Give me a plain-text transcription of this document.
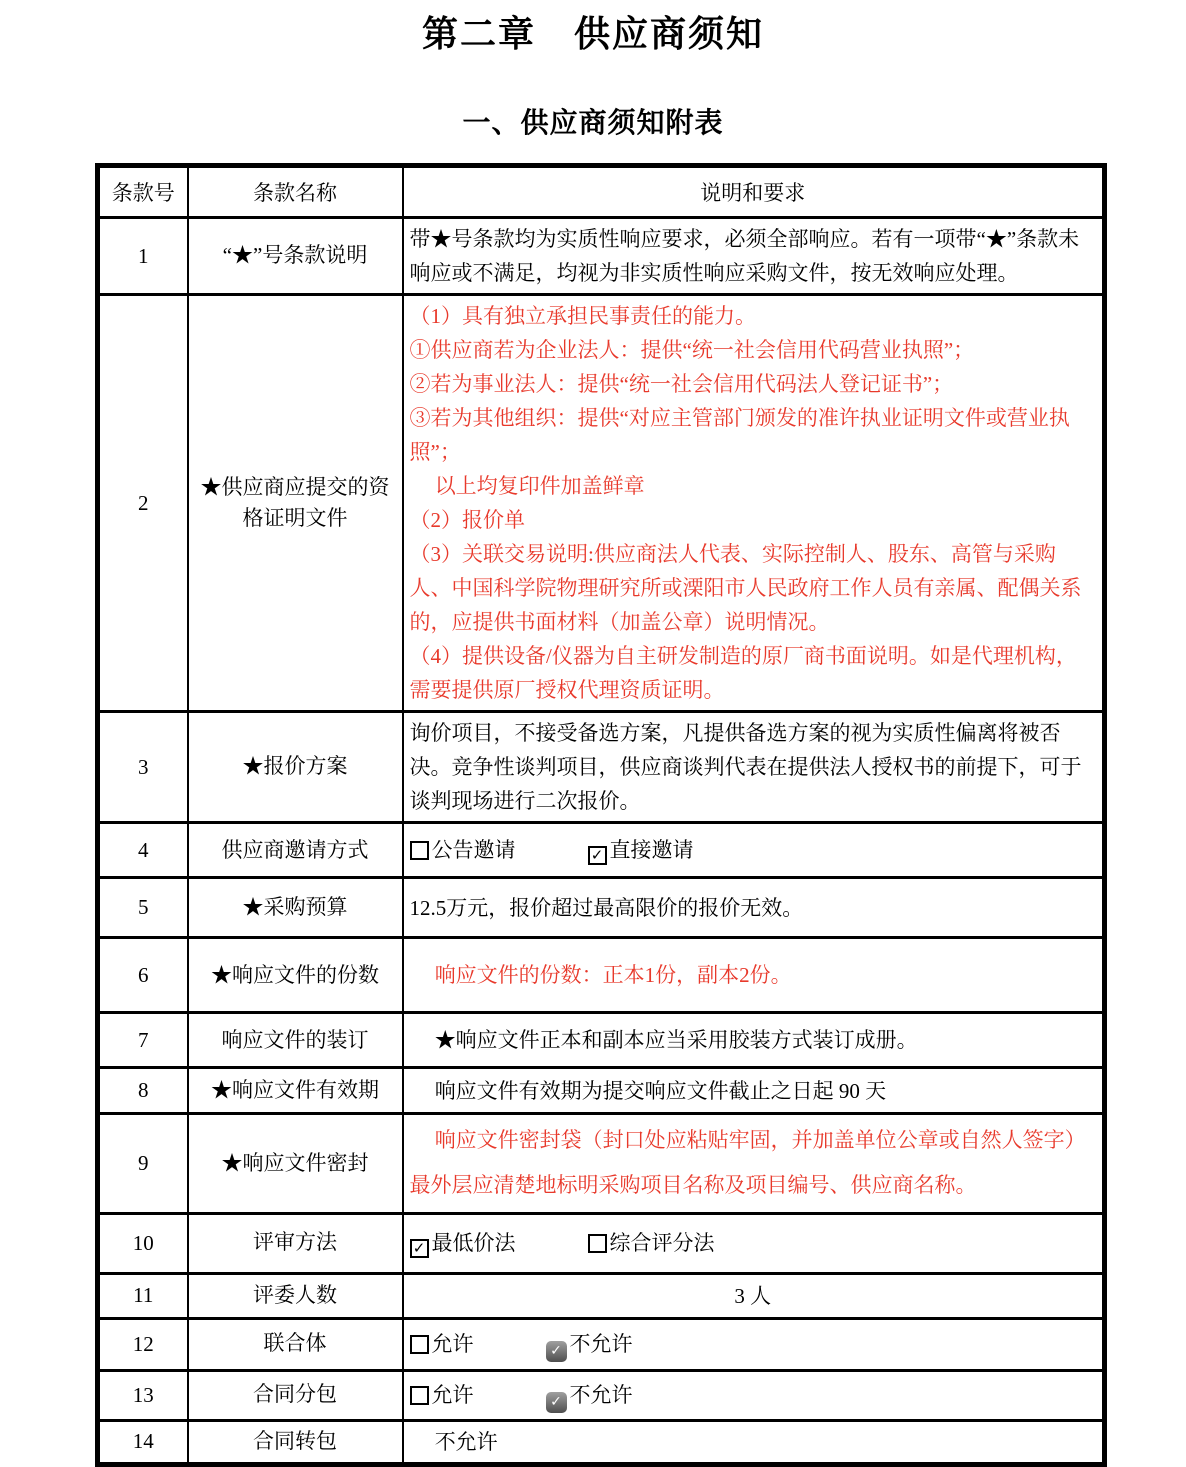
第二章　供应商须知
一、供应商须知附表
条款号	条款名称	说明和要求
1	“★”号条款说明	带★号条款均为实质性响应要求，必须全部响应。若有一项带“★”条款未响应或不满足，均视为非实质性响应采购文件，按无效响应处理。

2	★供应商应提交的资格证明文件	

（1）具有独立承担民事责任的能力。

①供应商若为企业法人：提供“统一社会信用代码营业执照”；

②若为事业法人：提供“统一社会信用代码法人登记证书”；

③若为其他组织：提供“对应主管部门颁发的准许执业证明文件或营业执照”；

以上均复印件加盖鲜章

（2）报价单

（3）关联交易说明:供应商法人代表、实际控制人、股东、高管与采购人、中国科学院物理研究所或溧阳市人民政府工作人员有亲属、配偶关系的，应提供书面材料（加盖公章）说明情况。

（4）提供设备/仪器为自主研发制造的原厂商书面说明。如是代理机构，需要提供原厂授权代理资质证明。

3	★报价方案	询价项目，不接受备选方案，凡提供备选方案的视为实质性偏离将被否决。竞争性谈判项目，供应商谈判代表在提供法人授权书的前提下，可于谈判现场进行二次报价。

4	供应商邀请方式	公告邀请 ✓ 直接邀请

5	★采购预算	12.5万元，报价超过最高限价的报价无效。

6	★响应文件的份数	响应文件的份数：正本1份，副本2份。

7	响应文件的装订	★响应文件正本和副本应当采用胶装方式装订成册。

8	★响应文件有效期	响应文件有效期为提交响应文件截止之日起 90 天

9	★响应文件密封	响应文件密封袋（封口处应粘贴牢固，并加盖单位公章或自然人签字）最外层应清楚地标明采购项目名称及项目编号、供应商名称。

10	评审方法	✓ 最低价法 综合评分法

11	评委人数	3 人

12	联合体	允许 ✓ 不允许

13	合同分包	允许 ✓ 不允许

14	合同转包	不允许
